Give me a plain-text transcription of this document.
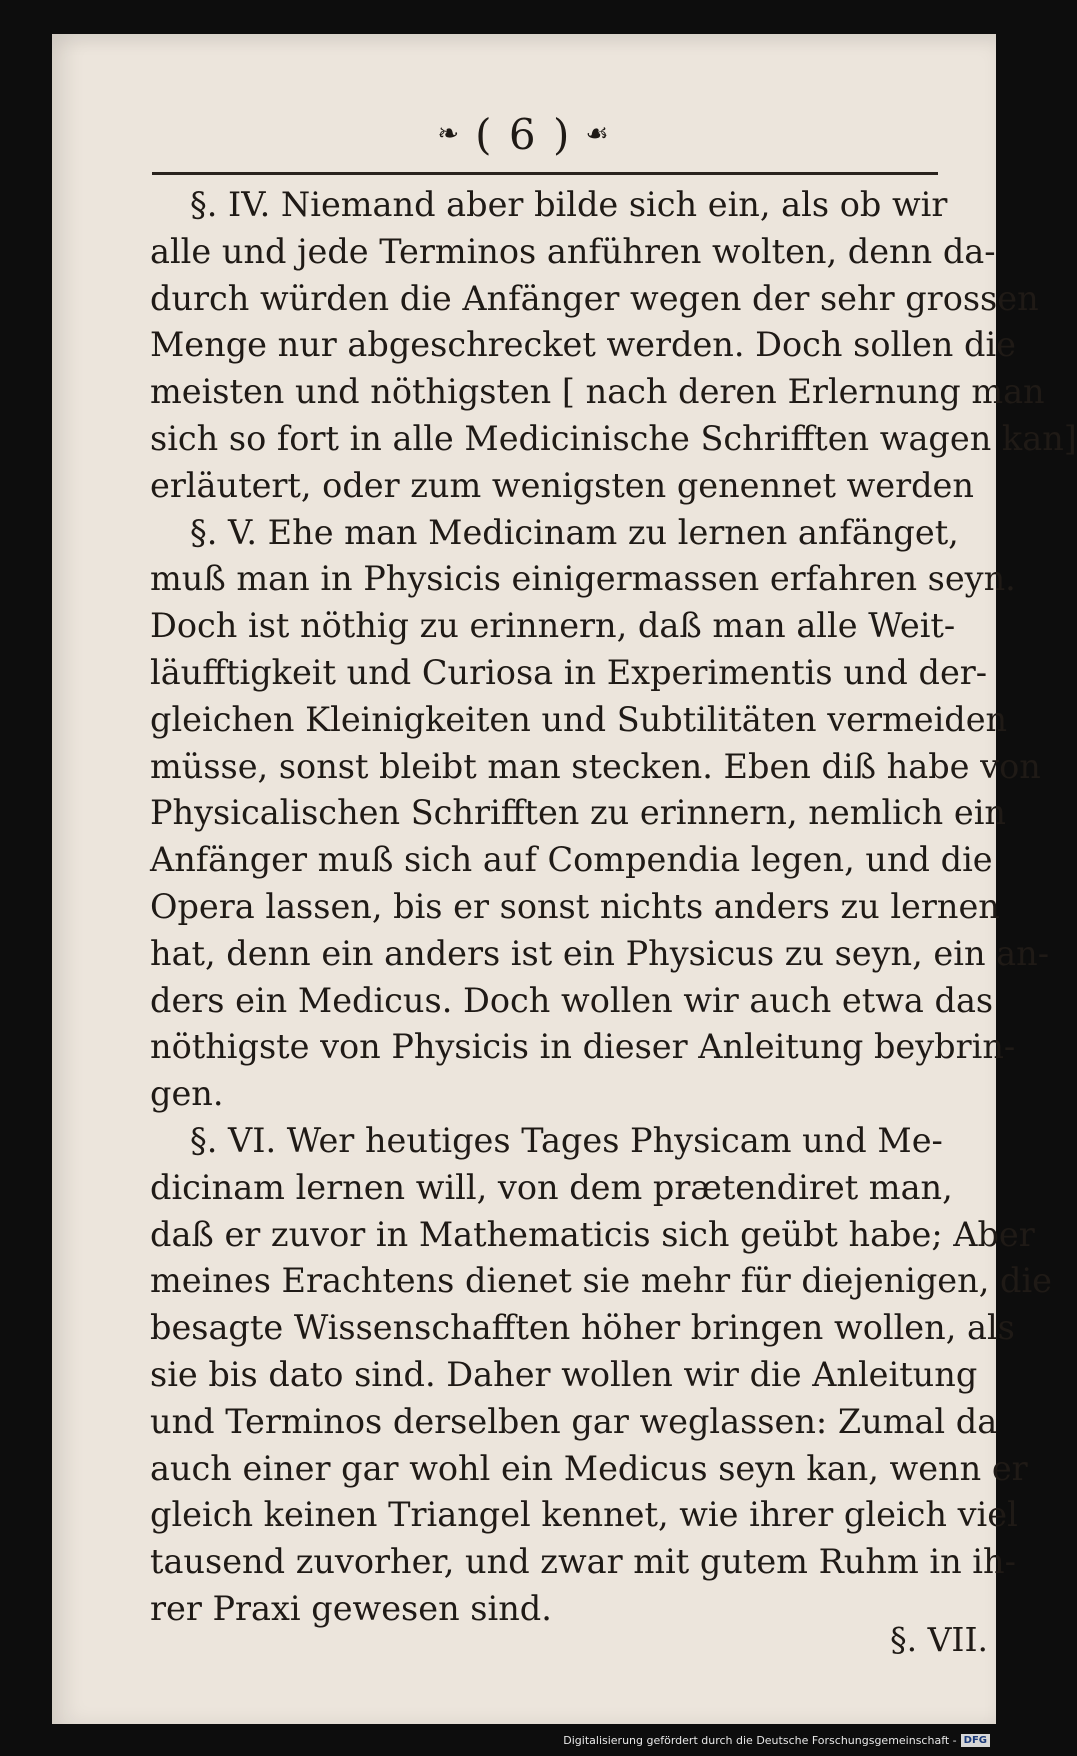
❧ ( 6 ) ☙
§. IV. Niemand aber bilde sich ein, als ob wir
alle und jede Terminos anführen wolten, denn da-
durch würden die Anfänger wegen der sehr grossen
Menge nur abgeschrecket werden. Doch sollen die
meisten und nöthigsten [ nach deren Erlernung man
sich so fort in alle Medicinische Schrifften wagen kan]
erläutert, oder zum wenigsten genennet werden
§. V. Ehe man Medicinam zu lernen anfänget,
muß man in Physicis einigermassen erfahren seyn.
Doch ist nöthig zu erinnern, daß man alle Weit-
läufftigkeit und Curiosa in Experimentis und der-
gleichen Kleinigkeiten und Subtilitäten vermeiden
müsse, sonst bleibt man stecken. Eben diß habe von
Physicalischen Schrifften zu erinnern, nemlich ein
Anfänger muß sich auf Compendia legen, und die
Opera lassen, bis er sonst nichts anders zu lernen
hat, denn ein anders ist ein Physicus zu seyn, ein an-
ders ein Medicus. Doch wollen wir auch etwa das
nöthigste von Physicis in dieser Anleitung beybrin-
gen.
§. VI. Wer heutiges Tages Physicam und Me-
dicinam lernen will, von dem prætendiret man,
daß er zuvor in Mathematicis sich geübt habe; Aber
meines Erachtens dienet sie mehr für diejenigen, die
besagte Wissenschafften höher bringen wollen, als
sie bis dato sind. Daher wollen wir die Anleitung
und Terminos derselben gar weglassen: Zumal da
auch einer gar wohl ein Medicus seyn kan, wenn er
gleich keinen Triangel kennet, wie ihrer gleich viel
tausend zuvorher, und zwar mit gutem Ruhm in ih-
rer Praxi gewesen sind.
§. VII.
Digitalisierung gefördert durch die Deutsche Forschungsgemeinschaft - DFG
